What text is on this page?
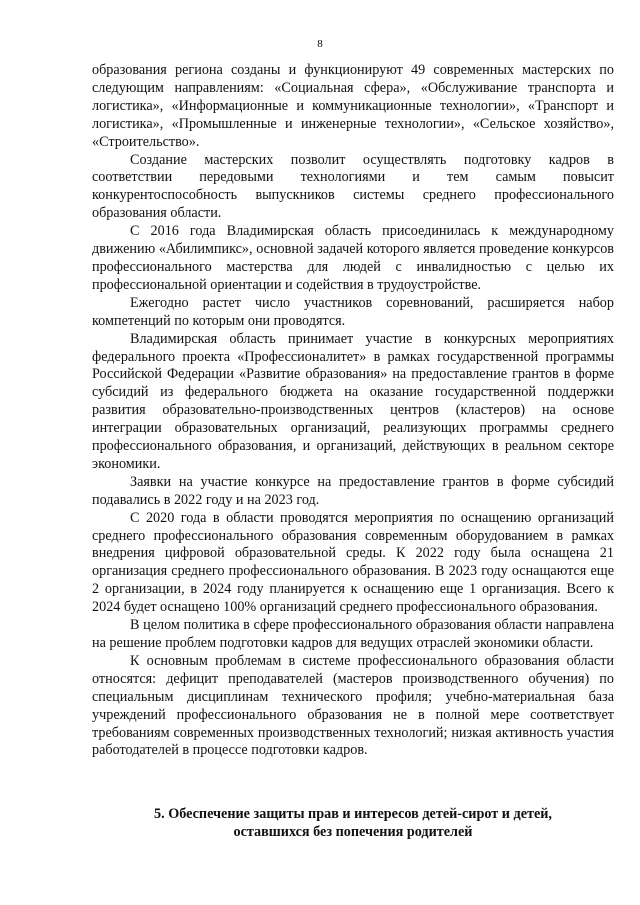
8

образования региона созданы и функционируют 49 современных мастерских по следующим направлениям: «Социальная сфера», «Обслуживание транспорта и логистика», «Информационные и коммуникационные технологии», «Транспорт и логистика», «Промышленные и инженерные технологии», «Сельское хозяйство», «Строительство».

Создание мастерских позволит осуществлять подготовку кадров в соответствии передовыми технологиями и тем самым повысит конкурентоспособность выпускников системы среднего профессионального образования области.

С 2016 года Владимирская область присоединилась к международному движению «Абилимпикс», основной задачей которого является проведение конкурсов профессионального мастерства для людей с инвалидностью с целью их профессиональной ориентации и содействия в трудоустройстве.

Ежегодно растет число участников соревнований, расширяется набор компетенций по которым они проводятся.

Владимирская область принимает участие в конкурсных мероприятиях федерального проекта «Профессионалитет» в рамках государственной программы Российской Федерации «Развитие образования» на предоставление грантов в форме субсидий из федерального бюджета на оказание государственной поддержки развития образовательно-производственных центров (кластеров) на основе интеграции образовательных организаций, реализующих программы среднего профессионального образования, и организаций, действующих в реальном секторе экономики.

Заявки на участие конкурсе на предоставление грантов в форме субсидий подавались в 2022 году и на 2023 год.

С 2020 года в области проводятся мероприятия по оснащению организаций среднего профессионального образования современным оборудованием в рамках внедрения цифровой образовательной среды. К 2022 году была оснащена 21 организация среднего профессионального образования. В 2023 году оснащаются еще 2 организации, в 2024 году планируется к оснащению еще 1 организация. Всего к 2024 будет оснащено 100% организаций среднего профессионального образования.

В целом политика в сфере профессионального образования области направлена на решение проблем подготовки кадров для ведущих отраслей экономики области.

К основным проблемам в системе профессионального образования области относятся: дефицит преподавателей (мастеров производственного обучения) по специальным дисциплинам технического профиля; учебно-материальная база учреждений профессионального образования не в полной мере соответствует требованиям современных производственных технологий; низкая активность участия работодателей в процессе подготовки кадров.

5. Обеспечение защиты прав и интересов детей-сирот и детей,
оставшихся без попечения родителей
